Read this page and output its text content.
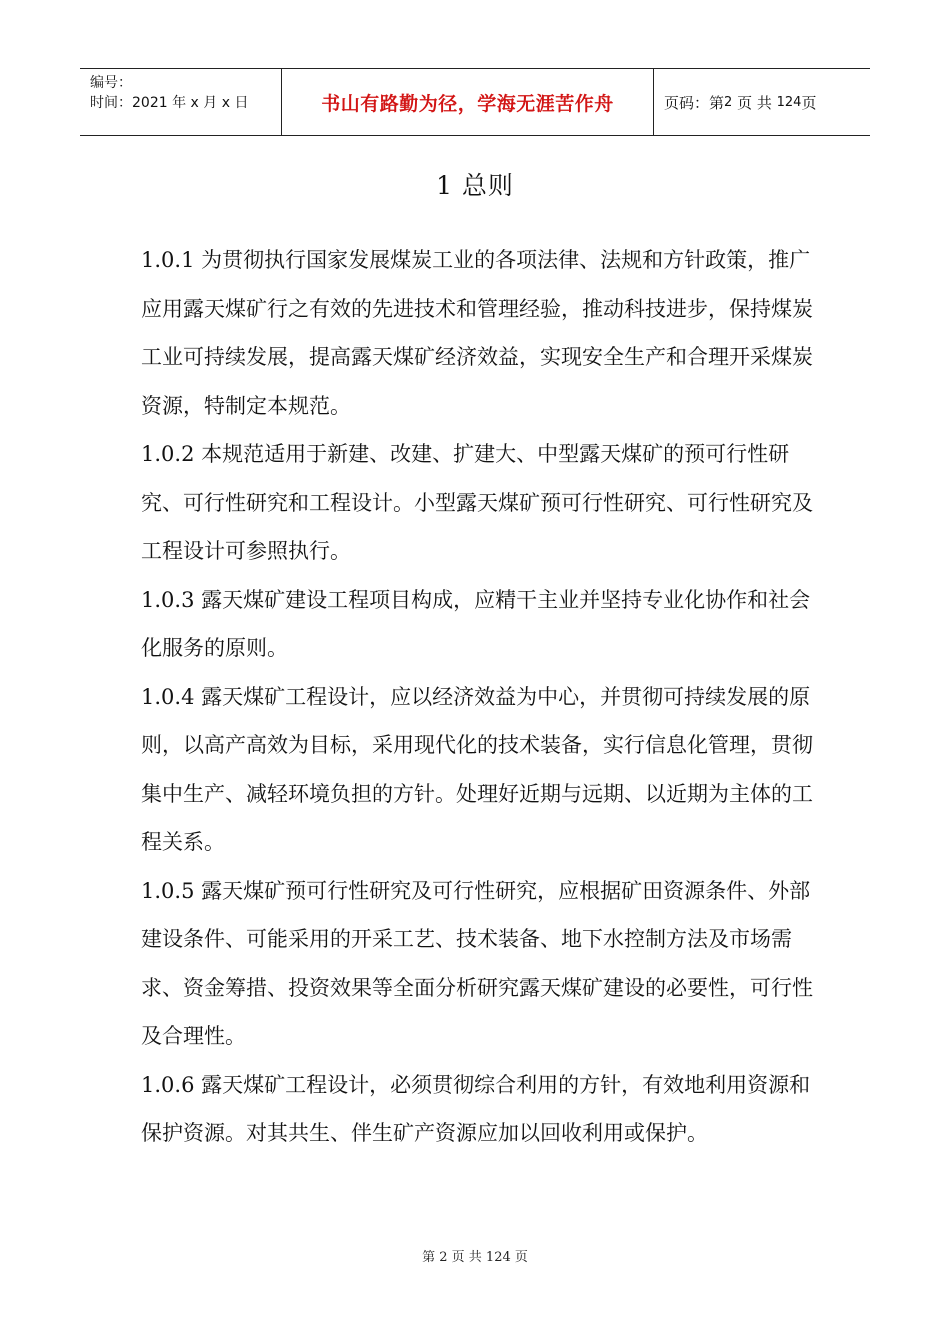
编号：
时间：2021 年 x 月 x 日	书山有路勤为径，学海无涯苦作舟	页码：第 2
页 共
124 页
1 总则

1.0.1 为贯彻执行国家发展煤炭工业的各项法律、法规和方针政策，推广应用露天煤矿行之有效的先进技术和管理经验，推动科技进步，保持煤炭工业可持续发展，提高露天煤矿经济效益，实现安全生产和合理开采煤炭资源，特制定本规范。

1.0.2 本规范适用于新建、改建、扩建大、中型露天煤矿的预可行性研究、可行性研究和工程设计。小型露天煤矿预可行性研究、可行性研究及工程设计可参照执行。

1.0.3 露天煤矿建设工程项目构成，应精干主业并坚持专业化协作和社会化服务的原则。

1.0.4 露天煤矿工程设计，应以经济效益为中心，并贯彻可持续发展的原则，以高产高效为目标，采用现代化的技术装备，实行信息化管理，贯彻集中生产、减轻环境负担的方针。处理好近期与远期、以近期为主体的工程关系。

1.0.5 露天煤矿预可行性研究及可行性研究，应根据矿田资源条件、外部建设条件、可能采用的开采工艺、技术装备、地下水控制方法及市场需求、资金筹措、投资效果等全面分析研究露天煤矿建设的必要性，可行性及合理性。

1.0.6 露天煤矿工程设计，必须贯彻综合利用的方针，有效地利用资源和保护资源。对其共生、伴生矿产资源应加以回收利用或保护。

第 2 页 共 124 页
